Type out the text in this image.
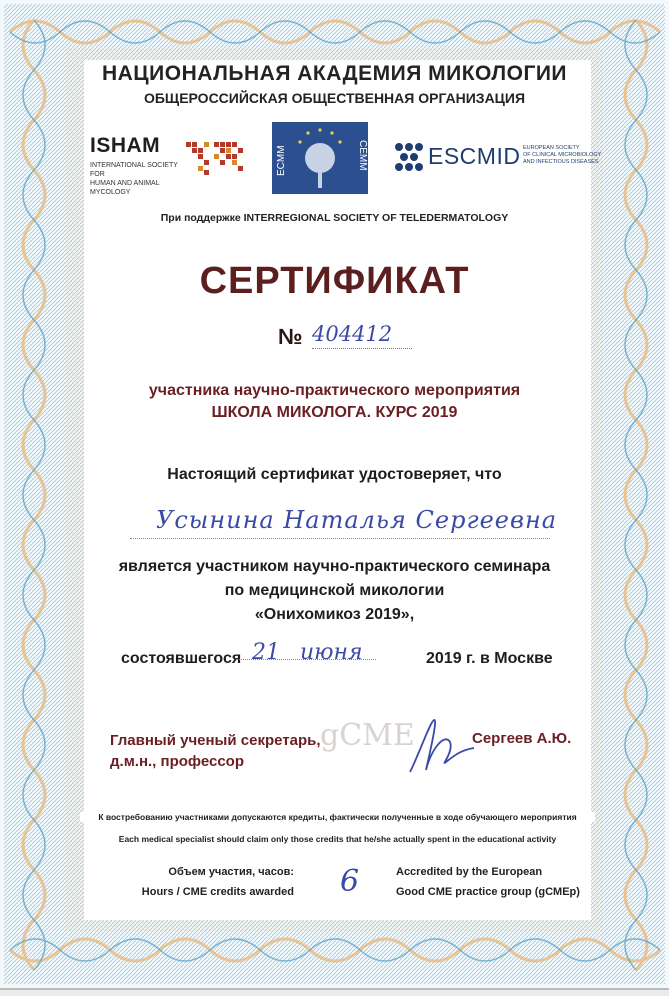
НАЦИОНАЛЬНАЯ АКАДЕМИЯ МИКОЛОГИИ
ОБЩЕРОССИЙСКАЯ ОБЩЕСТВЕННАЯ ОРГАНИЗАЦИЯ
ISHAM
INTERNATIONAL SOCIETY FOR
HUMAN AND ANIMAL MYCOLOGY
ECMM	CEMM	ESCMID EUROPEAN SOCIETY
OF CLINICAL MICROBIOLOGY
AND INFECTIOUS DISEASES
При поддержке INTERREGIONAL SOCIETY OF TELEDERMATOLOGY
СЕРТИФИКАТ
№ 404412
участника научно-практического мероприятия
ШКОЛА МИКОЛОГА. КУРС 2019
Настоящий сертификат удостоверяет, что
Усынина Наталья Сергеевна
является участником научно-практического семинара
по медицинской микологии
«Онихомикоз 2019»,
состоявшегося 21 июня	2019 г. в Москве
gCME
Главный ученый секретарь,
д.м.н., профессор
Сергеев А.Ю.
К востребованию участниками допускаются кредиты, фактически полученные в ходе обучающего мероприятия
Each medical specialist should claim only those credits that he/she actually spent in the educational activity
Объем участия, часов:
Hours / CME credits awarded 6	Accredited by the European
Good CME practice group (gCMEp)
